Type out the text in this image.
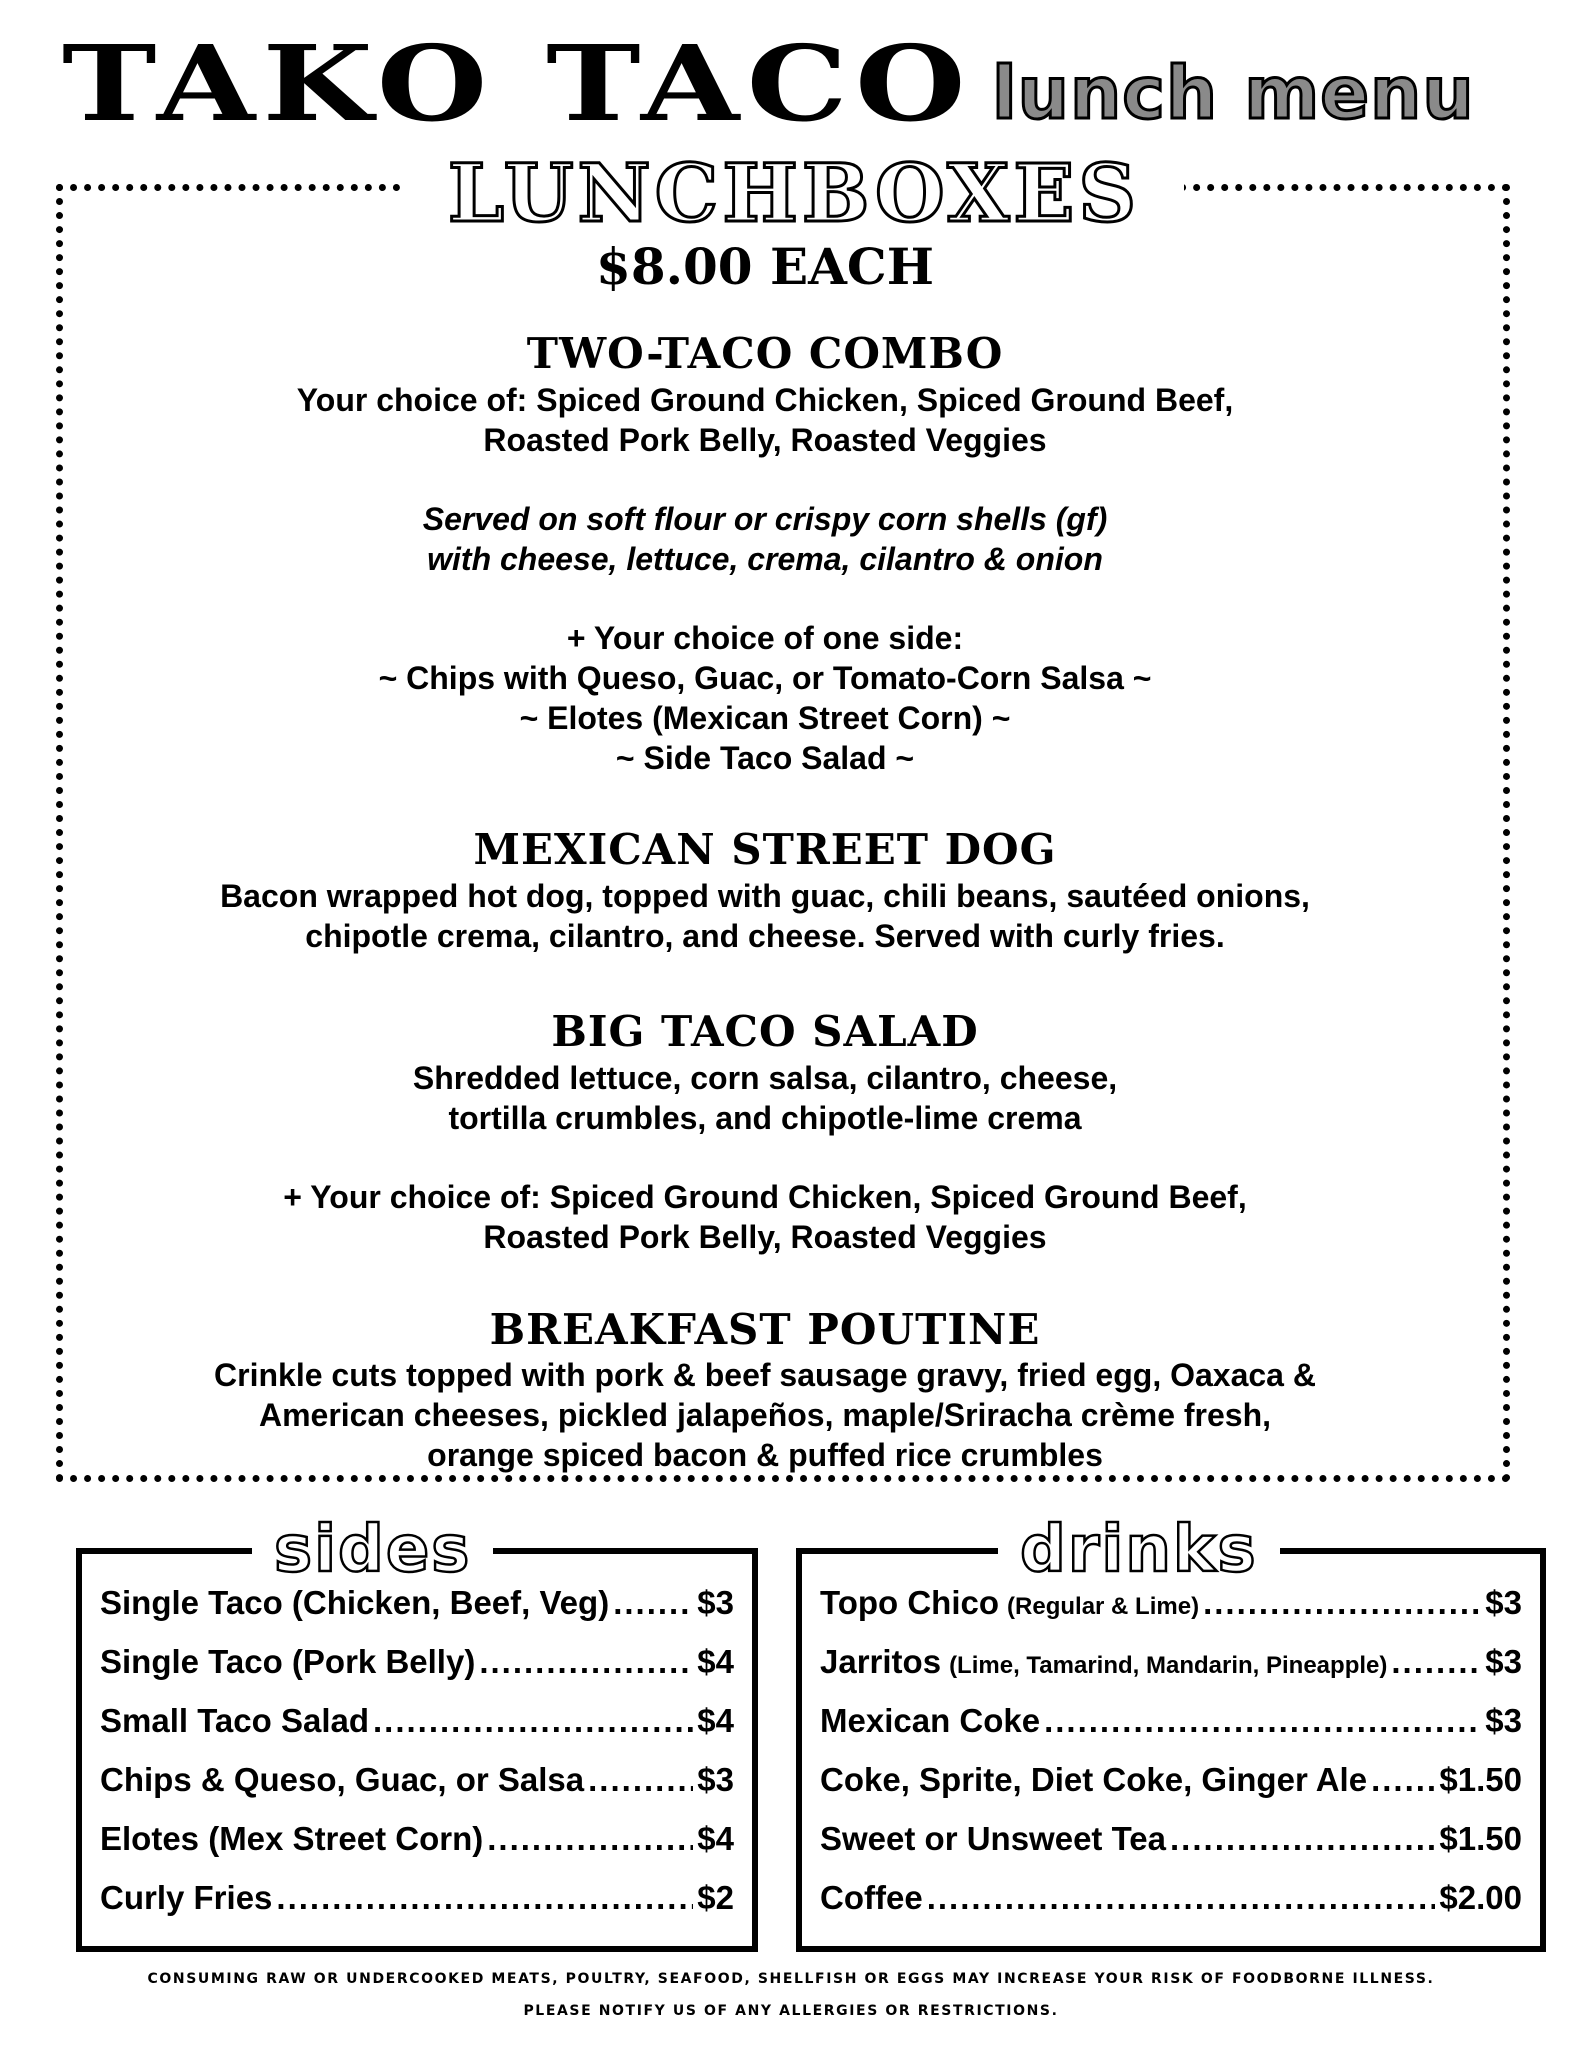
TAKO TACO lunch menu
LUNCHBOXES
$8.00 EACH
TWO-TACO COMBO
Your choice of: Spiced Ground Chicken, Spiced Ground Beef,
Roasted Pork Belly, Roasted Veggies
Served on soft flour or crispy corn shells (gf)
with cheese, lettuce, crema, cilantro & onion
+ Your choice of one side:
~ Chips with Queso, Guac, or Tomato-Corn Salsa ~
~ Elotes (Mexican Street Corn) ~
~ Side Taco Salad ~
MEXICAN STREET DOG
Bacon wrapped hot dog, topped with guac, chili beans, sautéed onions,
chipotle crema, cilantro, and cheese. Served with curly fries.
BIG TACO SALAD
Shredded lettuce, corn salsa, cilantro, cheese,
tortilla crumbles, and chipotle-lime crema
+ Your choice of: Spiced Ground Chicken, Spiced Ground Beef,
Roasted Pork Belly, Roasted Veggies
BREAKFAST POUTINE
Crinkle cuts topped with pork & beef sausage gravy, fried egg, Oaxaca &
American cheeses, pickled jalapeños, maple/Sriracha crème fresh,
orange spiced bacon & puffed rice crumbles
sides
Single Taco (Chicken, Beef, Veg) .....	$3
Single Taco (Pork Belly) .....	$4
Small Taco Salad .....	$4
Chips & Queso, Guac, or Salsa .....	$3
Elotes (Mex Street Corn) .....	$4
Curly Fries .....	$2
drinks
Topo Chico (Regular & Lime) .....	$3
Jarritos (Lime, Tamarind, Mandarin, Pineapple) .....	$3
Mexican Coke .....	$3
Coke, Sprite, Diet Coke, Ginger Ale ..... $1.50
Sweet or Unsweet Tea .....	$1.50
Coffee .....	$2.00
CONSUMING RAW OR UNDERCOOKED MEATS, POULTRY, SEAFOOD, SHELLFISH OR EGGS MAY INCREASE YOUR RISK OF FOODBORNE ILLNESS.
PLEASE NOTIFY US OF ANY ALLERGIES OR RESTRICTIONS.
